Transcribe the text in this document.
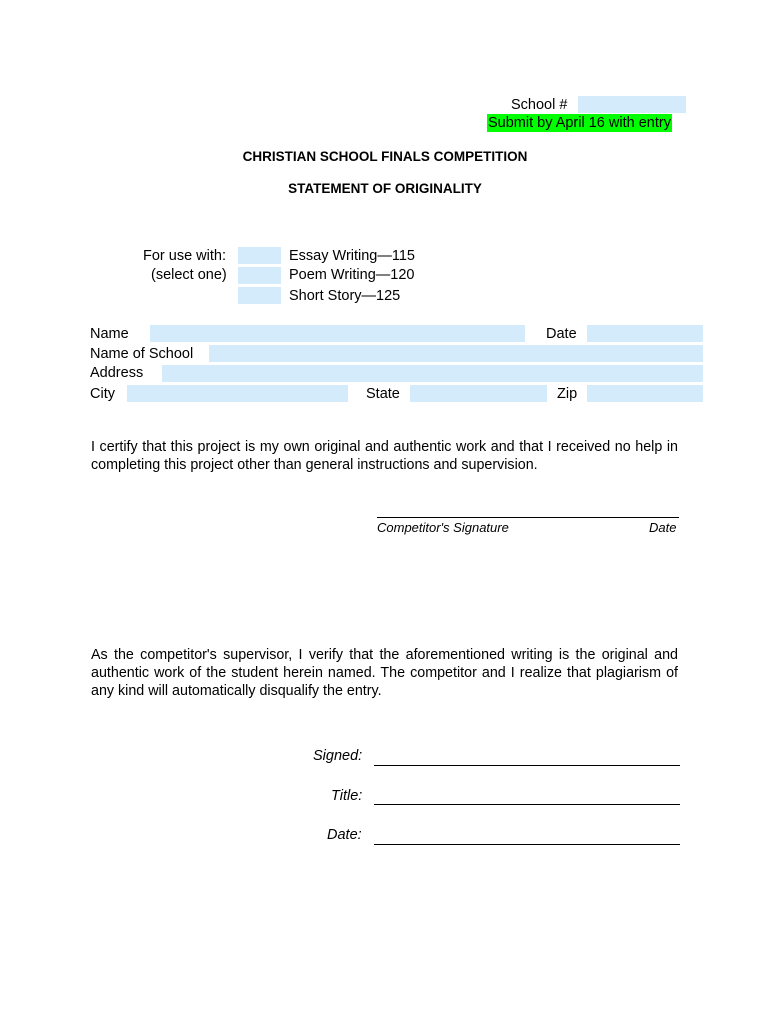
School #
Submit by April 16 with entry
CHRISTIAN SCHOOL FINALS COMPETITION
STATEMENT OF ORIGINALITY
For use with:
(select one)
Essay Writing—115
Poem Writing—120
Short Story—125
Name	Date
Name of School
Address
City	State	Zip
I certify that this project is my own original and authentic work and that I received no help in completing this project other than general instructions and supervision.
Competitor's Signature	Date
As the competitor's supervisor, I verify that the aforementioned writing is the original and authentic work of the student herein named. The competitor and I realize that plagiarism of any kind will automatically disqualify the entry.
Signed:
Title:
Date:
